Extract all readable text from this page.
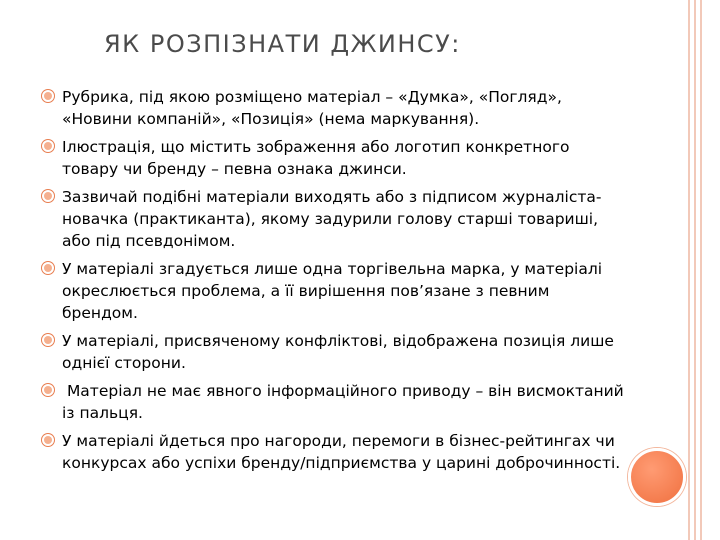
ЯК РОЗПІЗНАТИ ДЖИНСУ:
Рубрика, під якою розміщено матеріал – «Думка», «Погляд», «Новини компаній», «Позиція» (нема маркування).
Ілюстрація, що містить зображення або логотип конкретного товару чи бренду – певна ознака джинси.
Зазвичай подібні матеріали виходять або з підписом журналіста-новачка (практиканта), якому задурили голову старші товариші, або під псевдонімом.
У матеріалі згадується лише одна торгівельна марка, у матеріалі окреслюється проблема, а її вирішення пов’язане з певним брендом.
У матеріалі, присвяченому конфліктові, відображена позиція лише однієї сторони.
Матеріал не має явного інформаційного приводу – він висмоктаний із пальця.
У матеріалі йдеться про нагороди, перемоги в бізнес-рейтингах чи конкурсах або успіхи бренду/підприємства у царині доброчинності.
